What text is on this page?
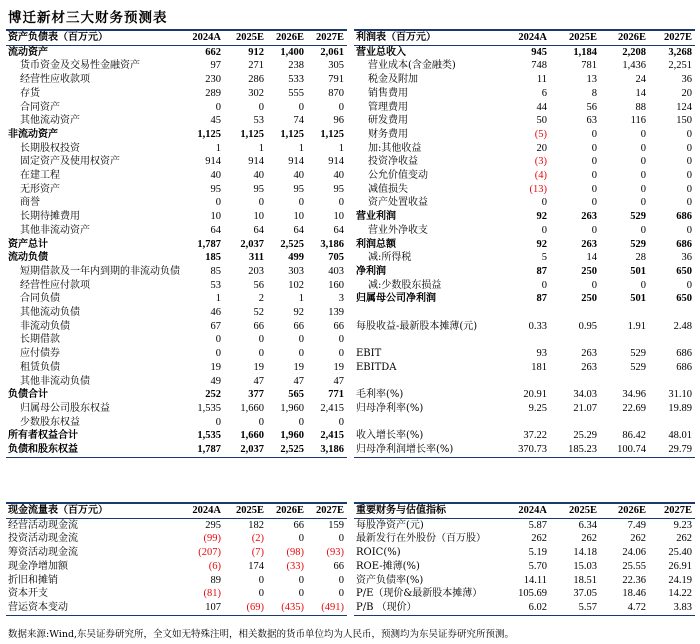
博迁新材三大财务预测表
资产负债表（百万元）	2024A	2025E	2026E	2027E
流动资产	662	912	1,400	2,061
货币资金及交易性金融资产	97	271	238	305
经营性应收款项	230	286	533	791
存货	289	302	555	870
合同资产	0	0	0	0
其他流动资产	45	53	74	96
非流动资产	1,125	1,125	1,125	1,125
长期股权投资	1	1	1	1
固定资产及使用权资产	914	914	914	914
在建工程	40	40	40	40
无形资产	95	95	95	95
商誉	0	0	0	0
长期待摊费用	10	10	10	10
其他非流动资产	64	64	64	64
资产总计	1,787	2,037	2,525	3,186
流动负债	185	311	499	705
短期借款及一年内到期的非流动负债	85	203	303	403
经营性应付款项	53	56	102	160
合同负债	1	2	1	3
其他流动负债	46	52	92	139
非流动负债	67	66	66	66
长期借款	0	0	0	0
应付债券	0	0	0	0
租赁负债	19	19	19	19
其他非流动负债	49	47	47	47
负债合计	252	377	565	771
归属母公司股东权益	1,535	1,660	1,960	2,415
少数股东权益	0	0	0	0
所有者权益合计	1,535	1,660	1,960	2,415
负债和股东权益	1,787	2,037	2,525	3,186
利润表（百万元）	2024A	2025E	2026E	2027E
营业总收入	945	1,184	2,208	3,268
营业成本(含金融类)	748	781	1,436	2,251
税金及附加	11	13	24	36
销售费用	6	8	14	20
管理费用	44	56	88	124
研发费用	50	63	116	150
财务费用	(5)	0	0	0
加:其他收益	20	0	0	0
投资净收益	(3)	0	0	0
公允价值变动	(4)	0	0	0
减值损失	(13)	0	0	0
资产处置收益	0	0	0	0
营业利润	92	263	529	686
营业外净收支	0	0	0	0
利润总额	92	263	529	686
减:所得税	5	14	28	36
净利润	87	250	501	650
减:少数股东损益	0	0	0	0
归属母公司净利润	87	250	501	650

每股收益-最新股本摊薄(元)	0.33	0.95	1.91	2.48

EBIT	93	263	529	686
EBITDA	181	263	529	686

毛利率(%)	20.91	34.03	34.96	31.10
归母净利率(%)	9.25	21.07	22.69	19.89

收入增长率(%)	37.22	25.29	86.42	48.01
归母净利润增长率(%)	370.73	185.23	100.74	29.79
现金流量表（百万元）	2024A	2025E	2026E	2027E
经营活动现金流	295	182	66	159
投资活动现金流	(99)	(2)	0	0
筹资活动现金流	(207)	(7)	(98)	(93)
现金净增加额	(6)	174	(33)	66
折旧和摊销	89	0	0	0
资本开支	(81)	0	0	0
营运资本变动	107	(69)	(435)	(491)
重要财务与估值指标	2024A	2025E	2026E	2027E
每股净资产(元)	5.87	6.34	7.49	9.23
最新发行在外股份（百万股）	262	262	262	262
ROIC(%)	5.19	14.18	24.06	25.40
ROE-摊薄(%)	5.70	15.03	25.55	26.91
资产负债率(%)	14.11	18.51	22.36	24.19
P/E（现价&最新股本摊薄）	105.69	37.05	18.46	14.22
P/B （现价）	6.02	5.57	4.72	3.83
数据来源:Wind,东吴证券研究所，全文如无特殊注明，相关数据的货币单位均为人民币，预测均为东吴证券研究所预测。
